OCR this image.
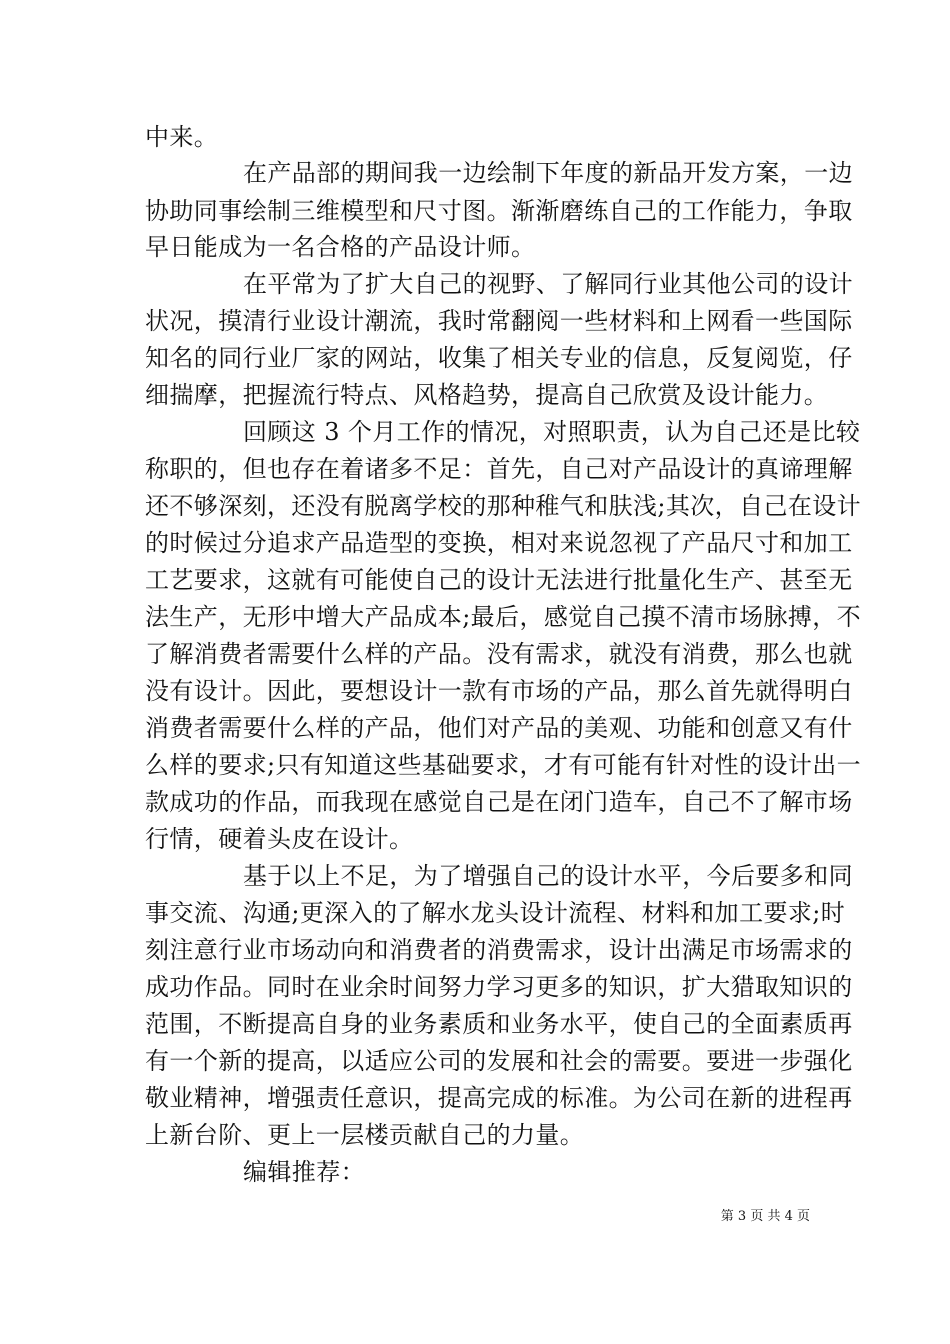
中来。
在产品部的期间我一边绘制下年度的新品开发方案，一边
协助同事绘制三维模型和尺寸图。渐渐磨练自己的工作能力，争取
早日能成为一名合格的产品设计师。
在平常为了扩大自己的视野、了解同行业其他公司的设计
状况，摸清行业设计潮流，我时常翻阅一些材料和上网看一些国际
知名的同行业厂家的网站，收集了相关专业的信息，反复阅览，仔
细揣摩，把握流行特点、风格趋势，提高自己欣赏及设计能力。
回顾这 3 个月工作的情况，对照职责，认为自己还是比较
称职的，但也存在着诸多不足：首先，自己对产品设计的真谛理解
还不够深刻，还没有脱离学校的那种稚气和肤浅;其次，自己在设计
的时候过分追求产品造型的变换，相对来说忽视了产品尺寸和加工
工艺要求，这就有可能使自己的设计无法进行批量化生产、甚至无
法生产，无形中增大产品成本;最后，感觉自己摸不清市场脉搏，不
了解消费者需要什么样的产品。没有需求，就没有消费，那么也就
没有设计。因此，要想设计一款有市场的产品，那么首先就得明白
消费者需要什么样的产品，他们对产品的美观、功能和创意又有什
么样的要求;只有知道这些基础要求，才有可能有针对性的设计出一
款成功的作品，而我现在感觉自己是在闭门造车，自己不了解市场
行情，硬着头皮在设计。
基于以上不足，为了增强自己的设计水平，今后要多和同
事交流、沟通;更深入的了解水龙头设计流程、材料和加工要求;时
刻注意行业市场动向和消费者的消费需求，设计出满足市场需求的
成功作品。同时在业余时间努力学习更多的知识，扩大猎取知识的
范围，不断提高自身的业务素质和业务水平，使自己的全面素质再
有一个新的提高，以适应公司的发展和社会的需要。要进一步强化
敬业精神，增强责任意识，提高完成的标准。为公司在新的进程再
上新台阶、更上一层楼贡献自己的力量。
编辑推荐：
第 3 页 共 4 页
